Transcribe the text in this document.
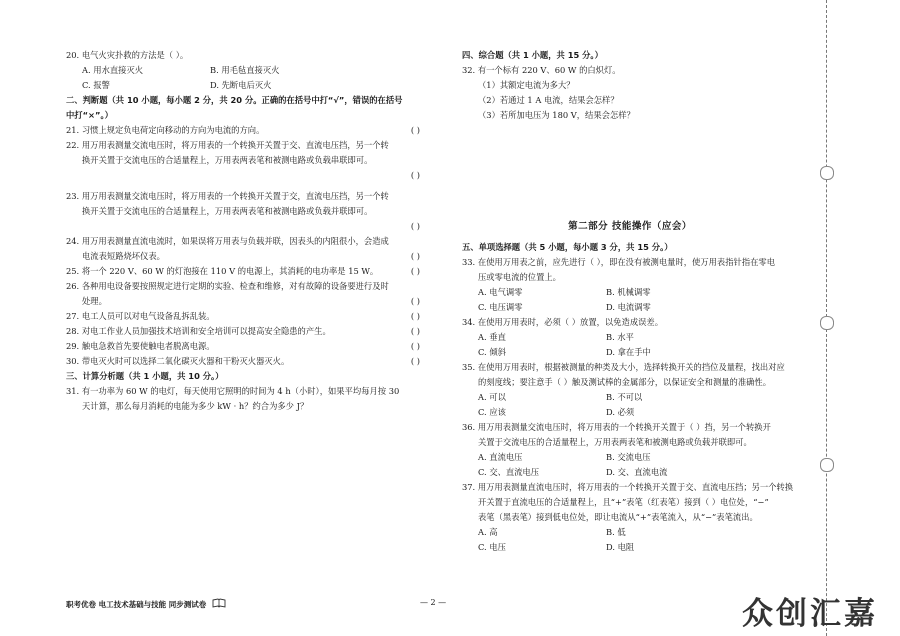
20. 电气火灾扑救的方法是（ ）。
A. 用水直接灭火	B. 用毛毡直接灭火
C. 报警	D. 先断电后灭火
二、判断题（共 10 小题，每小题 2 分，共 20 分。正确的在括号中打“√”，错误的在括号
中打“×”。）
21. 习惯上规定负电荷定向移动的方向为电流的方向。	( )
22. 用万用表测量交流电压时，将万用表的一个转换开关置于交、直流电压挡，另一个转
换开关置于交流电压的合适量程上，万用表两表笔和被测电路或负载串联即可。
( )
23. 用万用表测量交流电压时，将万用表的一个转换开关置于交，直流电压挡，另一个转
换开关置于交流电压的合适量程上，万用表两表笔和被测电路或负载并联即可。
( )
24. 用万用表测量直流电流时，如果误将万用表与负载并联，因表头的内阻很小，会造成
电流表短路烧坏仪表。	( )
25. 将一个 220 V、60 W 的灯泡接在 110 V 的电源上，其消耗的电功率是 15 W。	( )
26. 各种用电设备要按照规定进行定期的实验、检查和维修，对有故障的设备要进行及时
处理。	( )
27. 电工人员可以对电气设备乱拆乱装。	( )
28. 对电工作业人员加强技术培训和安全培训可以提高安全隐患的产生。	( )
29. 触电急救首先要使触电者脱离电源。	( )
30. 带电灭火时可以选择二氧化碳灭火器和干粉灭火器灭火。	( )
三、计算分析题（共 1 小题，共 10 分。）
31. 有一功率为 60 W 的电灯，每天使用它照明的时间为 4 h（小时），如果平均每月按 30
天计算，那么每月消耗的电能为多少 kW · h？约合为多少 J？
四、综合题（共 1 小题，共 15 分。）
32. 有一个标有 220 V、60 W 的白炽灯。
（1）其额定电流为多大？
（2）若通过 1 A 电流，结果会怎样？
（3）若所加电压为 180 V，结果会怎样？
第二部分 技能操作（应会）
五、单项选择题（共 5 小题，每小题 3 分，共 15 分。）
33. 在使用万用表之前，应先进行（ ），即在没有被测电量时，使万用表指针指在零电
压或零电流的位置上。
A. 电气调零	B. 机械调零
C. 电压调零	D. 电流调零
34. 在使用万用表时，必须（ ）放置，以免造成误差。
A. 垂直	B. 水平
C. 倾斜	D. 拿在手中
35. 在使用万用表时，根据被测量的种类及大小，选择转换开关的挡位及量程，找出对应
的刻度线；要注意手（ ）触及测试棒的金属部分，以保证安全和测量的准确性。
A. 可以	B. 不可以
C. 应该	D. 必须
36. 用万用表测量交流电压时，将万用表的一个转换开关置于（ ）挡，另一个转换开
关置于交流电压的合适量程上，万用表两表笔和被测电路或负载并联即可。
A. 直流电压	B. 交流电压
C. 交、直流电压	D. 交、直流电流
37. 用万用表测量直流电压时，将万用表的一个转换开关置于交、直流电压挡；另一个转换
开关置于直流电压的合适量程上，且“+”表笔（红表笔）接到（ ）电位处，“−”
表笔（黑表笔）接到低电位处，即让电流从“+”表笔流入，从“−”表笔流出。
A. 高	B. 低
C. 电压	D. 电阻
职考优卷 电工技术基础与技能 同步测试卷	— 2 —	众创汇嘉
